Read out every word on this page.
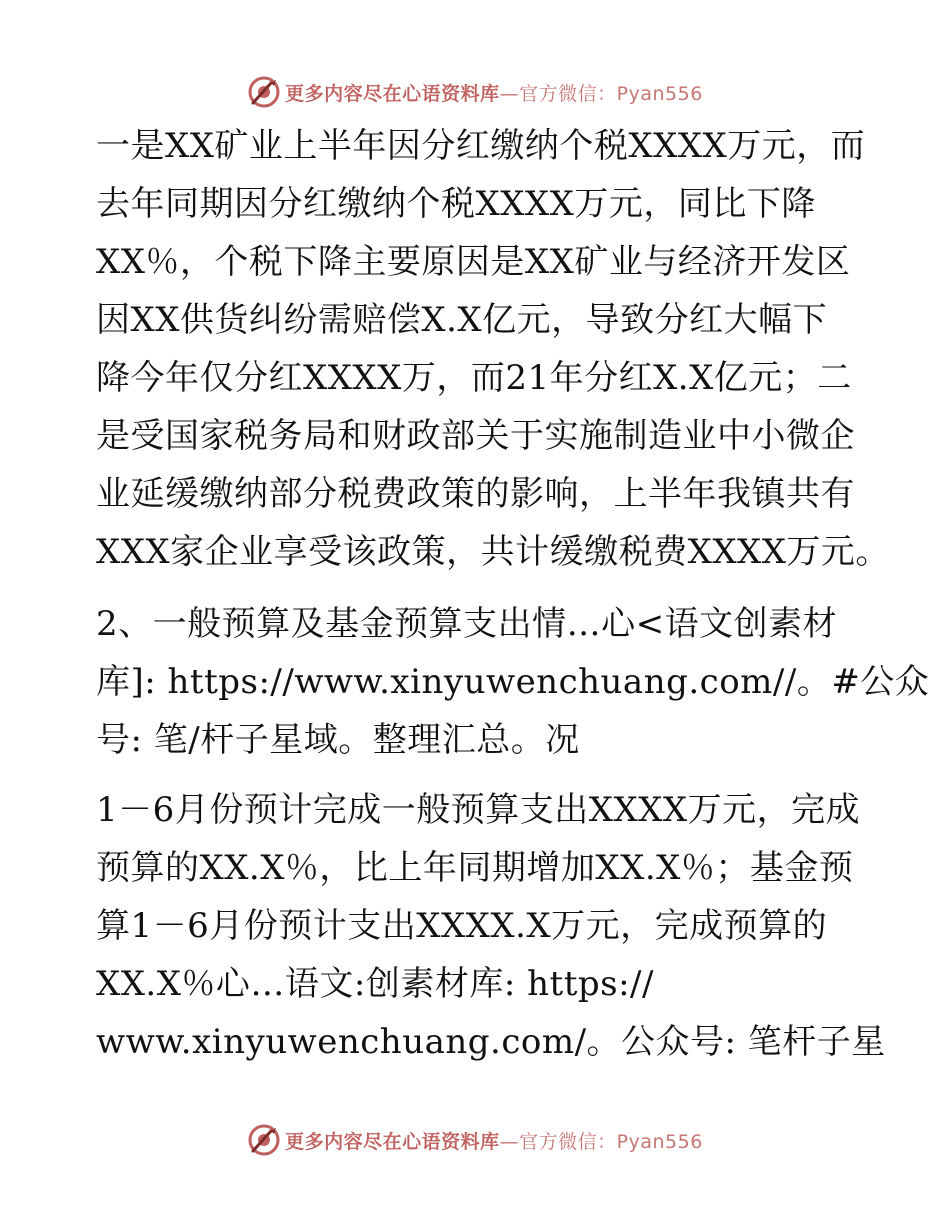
更多内容尽在心语资料库—官方微信：Pyan556
一是XX矿业上半年因分红缴纳个税XXXX万元，而
去年同期因分红缴纳个税XXXX万元，同比下降
XX％，个税下降主要原因是XX矿业与经济开发区
因XX供货纠纷需赔偿X.X亿元，导致分红大幅下
降今年仅分红XXXX万，而21年分红X.X亿元；二
是受国家税务局和财政部关于实施制造业中小微企
业延缓缴纳部分税费政策的影响，上半年我镇共有
XXX家企业享受该政策，共计缓缴税费XXXX万元。
2、一般预算及基金预算支出情…心<语文创素材
库]: https://www.xinyuwenchuang.com//。#公众
号: 笔/杆子星域。整理汇总。况
1－6月份预计完成一般预算支出XXXX万元，完成
预算的XX.X％，比上年同期增加XX.X％；基金预
算1－6月份预计支出XXXX.X万元，完成预算的
XX.X％心…语文:创素材库: https://
www.xinyuwenchuang.com/。公众号: 笔杆子星
更多内容尽在心语资料库—官方微信：Pyan556
